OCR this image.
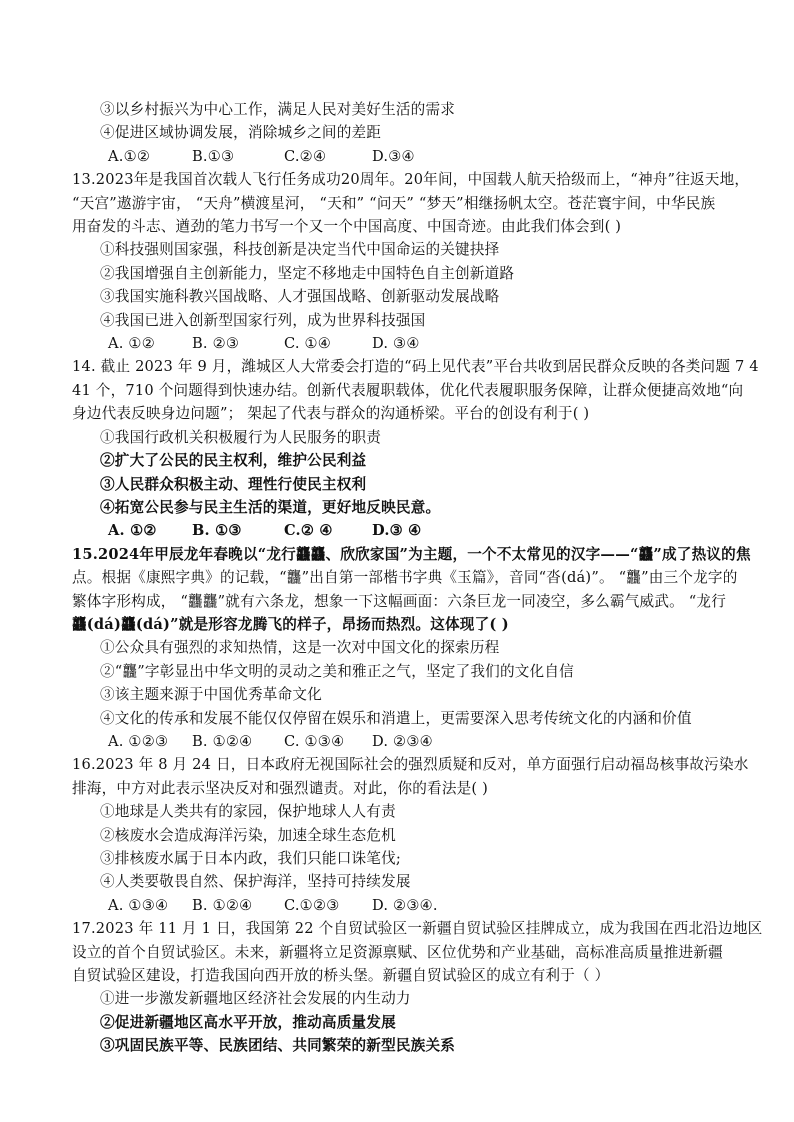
③以乡村振兴为中心工作，满足人民对美好生活的需求
④促进区域协调发展，消除城乡之间的差距
A.①②	B.①③	C.②④	D.③④
13.2023年是我国首次载人飞行任务成功20周年。20年间，中国载人航天拾级而上，“神舟”往返天地，
“天宫”遨游宇宙， “天舟”横渡星河， “天和” “问天” “梦天”相继扬帆太空。苍茫寰宇间，中华民族
用奋发的斗志、遒劲的笔力书写一个又一个中国高度、中国奇迹。由此我们体会到( )
①科技强则国家强，科技创新是决定当代中国命运的关键抉择
②我国增强自主创新能力，坚定不移地走中国特色自主创新道路
③我国实施科教兴国战略、人才强国战略、创新驱动发展战略
④我国已进入创新型国家行列，成为世界科技强国
A. ①②	B. ②③	C. ①④	D. ③④
14. 截止 2023 年 9 月，潍城区人大常委会打造的“码上见代表”平台共收到居民群众反映的各类问题 7 4
41 个，710 个问题得到快速办结。创新代表履职载体，优化代表履职服务保障，让群众便捷高效地“向
身边代表反映身边问题”； 架起了代表与群众的沟通桥梁。平台的创设有利于( )
①我国行政机关积极履行为人民服务的职责
②扩大了公民的民主权利，维护公民利益
③人民群众积极主动、理性行使民主权利
④拓宽公民参与民主生活的渠道，更好地反映民意。
A. ①② B. ①③	C.② ④	D.③ ④
15.2024年甲辰龙年春晚以“龙行龘龘、欣欣家国”为主题，一个不太常见的汉字——“龘”成了热议的焦
点。根据《康熙字典》的记载，“龘”出自第一部楷书字典《玉篇》，音同“沓(dá)”。 “龘”由三个龙字的
繁体字形构成， “龘龘”就有六条龙，想象一下这幅画面：六条巨龙一同凌空，多么霸气威武。 “龙行
龘(dá)龘(dá)”就是形容龙腾飞的样子，昂扬而热烈。这体现了( )
①公众具有强烈的求知热情，这是一次对中国文化的探索历程
②“龘”字彰显出中华文明的灵动之美和雅正之气，坚定了我们的文化自信
③该主题来源于中国优秀革命文化
④文化的传承和发展不能仅仅停留在娱乐和消遣上，更需要深入思考传统文化的内涵和价值
A. ①②③ B. ①②④ C. ①③④ D. ②③④
16.2023 年 8 月 24 日，日本政府无视国际社会的强烈质疑和反对，单方面强行启动福岛核事故污染水
排海，中方对此表示坚决反对和强烈谴责。对此，你的看法是( )
①地球是人类共有的家园，保护地球人人有责
②核废水会造成海洋污染，加速全球生态危机
③排核废水属于日本内政，我们只能口诛笔伐;
④人类要敬畏自然、保护海洋，坚持可持续发展
A. ①③④ B. ①②④ C.①②③ D. ②③④.
17.2023 年 11 月 1 日，我国第 22 个自贸试验区一新疆自贸试验区挂牌成立，成为我国在西北沿边地区
设立的首个自贸试验区。未来，新疆将立足资源禀赋、区位优势和产业基础，高标准高质量推进新疆
自贸试验区建设，打造我国向西开放的桥头堡。新疆自贸试验区的成立有利于（ ）
①进一步激发新疆地区经济社会发展的内生动力
②促进新疆地区高水平开放，推动高质量发展
③巩固民族平等、民族团结、共同繁荣的新型民族关系
